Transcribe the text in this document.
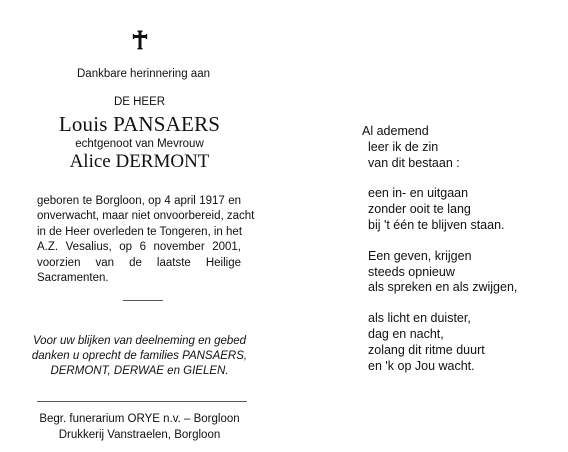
Dankbare herinnering aan
DE HEER
Louis PANSAERS
echtgenoot van Mevrouw
Alice DERMONT
geboren te Borgloon, op 4 april 1917 en
onverwacht, maar niet onvoorbereid, zacht
in de Heer overleden te Tongeren, in het
A.Z. Vesalius, op 6 november 2001,
voorzien van de laatste Heilige
Sacramenten.
Voor uw blijken van deelneming en gebed
danken u oprecht de families PANSAERS,
DERMONT, DERWAE en GIELEN.
Begr. funerarium ORYE n.v. – Borgloon
Drukkerij Vanstraelen, Borgloon
Al ademend
leer ik de zin
van dit bestaan :
een in- en uitgaan
zonder ooit te lang
bij 't één te blijven staan.
Een geven, krijgen
steeds opnieuw
als spreken en als zwijgen,
als licht en duister,
dag en nacht,
zolang dit ritme duurt
en 'k op Jou wacht.
